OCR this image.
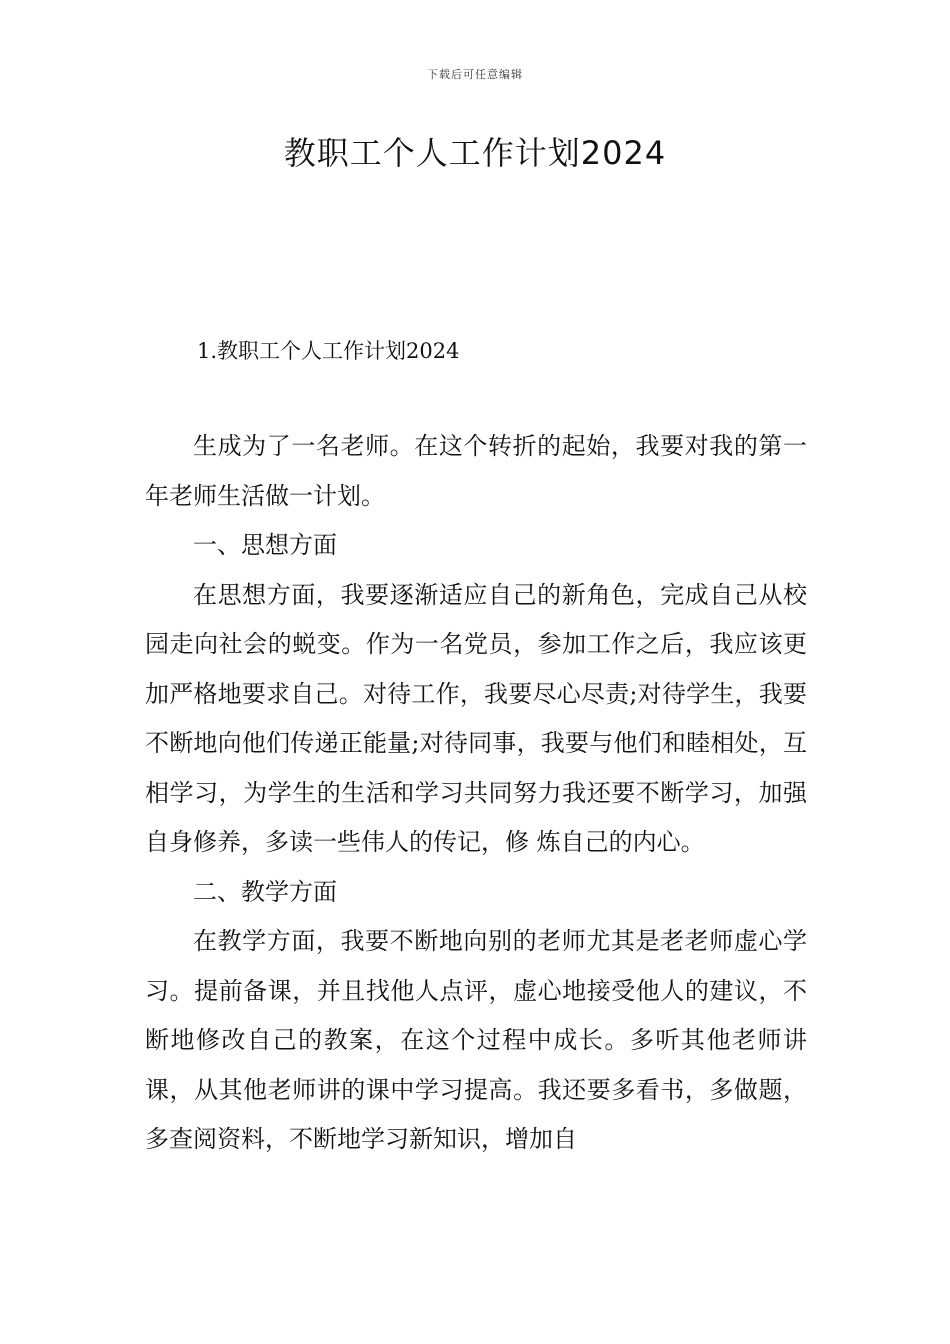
下载后可任意编辑
教职工个人工作计划2024
1.教职工个人工作计划2024

生成为了一名老师。在这个转折的起始，我要对我的第一年老师生活做一计划。

一、思想方面

在思想方面，我要逐渐适应自己的新角色，完成自己从校园走向社会的蜕变。作为一名党员，参加工作之后，我应该更加严格地要求自己。对待工作，我要尽心尽责;对待学生，我要不断地向他们传递正能量;对待同事，我要与他们和睦相处，互相学习，为学生的生活和学习共同努力我还要不断学习，加强自身修养，多读一些伟人的传记，修 炼自己的内心。

二、教学方面

在教学方面，我要不断地向别的老师尤其是老老师虚心学习。提前备课，并且找他人点评，虚心地接受他人的建议，不断地修改自己的教案，在这个过程中成长。多听其他老师讲课，从其他老师讲的课中学习提高。我还要多看书，多做题，多查阅资料，不断地学习新知识，增加自
